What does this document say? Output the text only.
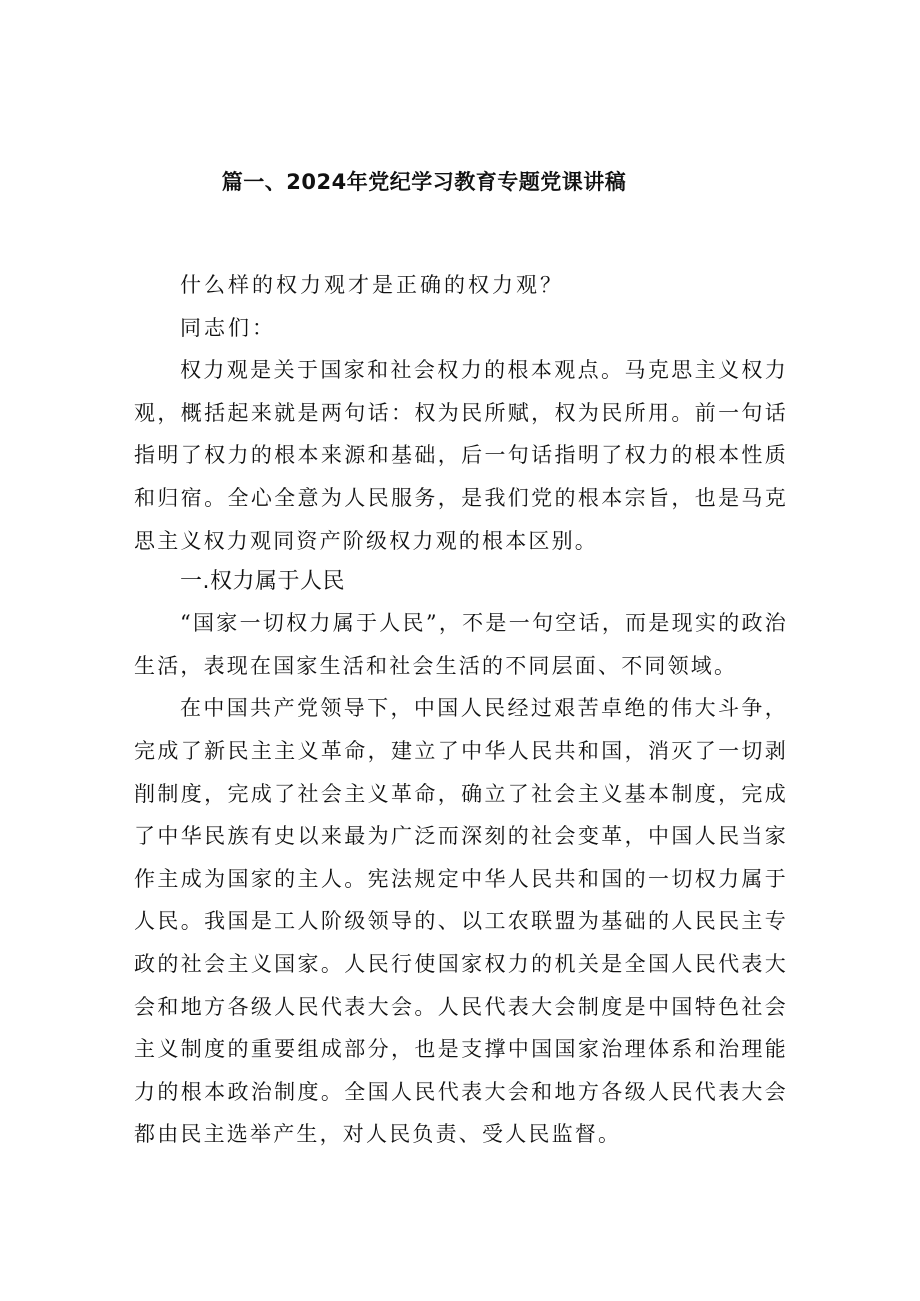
篇一、2024年党纪学习教育专题党课讲稿

什么样的权力观才是正确的权力观？

同志们：

权力观是关于国家和社会权力的根本观点。马克思主义权力观，概括起来就是两句话：权为民所赋，权为民所用。前一句话指明了权力的根本来源和基础，后一句话指明了权力的根本性质和归宿。全心全意为人民服务，是我们党的根本宗旨，也是马克思主义权力观同资产阶级权力观的根本区别。

一.权力属于人民

“国家一切权力属于人民”，不是一句空话，而是现实的政治生活，表现在国家生活和社会生活的不同层面、不同领域。

在中国共产党领导下，中国人民经过艰苦卓绝的伟大斗争，完成了新民主主义革命，建立了中华人民共和国，消灭了一切剥削制度，完成了社会主义革命，确立了社会主义基本制度，完成了中华民族有史以来最为广泛而深刻的社会变革，中国人民当家作主成为国家的主人。宪法规定中华人民共和国的一切权力属于人民。我国是工人阶级领导的、以工农联盟为基础的人民民主专政的社会主义国家。人民行使国家权力的机关是全国人民代表大会和地方各级人民代表大会。人民代表大会制度是中国特色社会主义制度的重要组成部分，也是支撑中国国家治理体系和治理能力的根本政治制度。全国人民代表大会和地方各级人民代表大会都由民主选举产生，对人民负责、受人民监督。
